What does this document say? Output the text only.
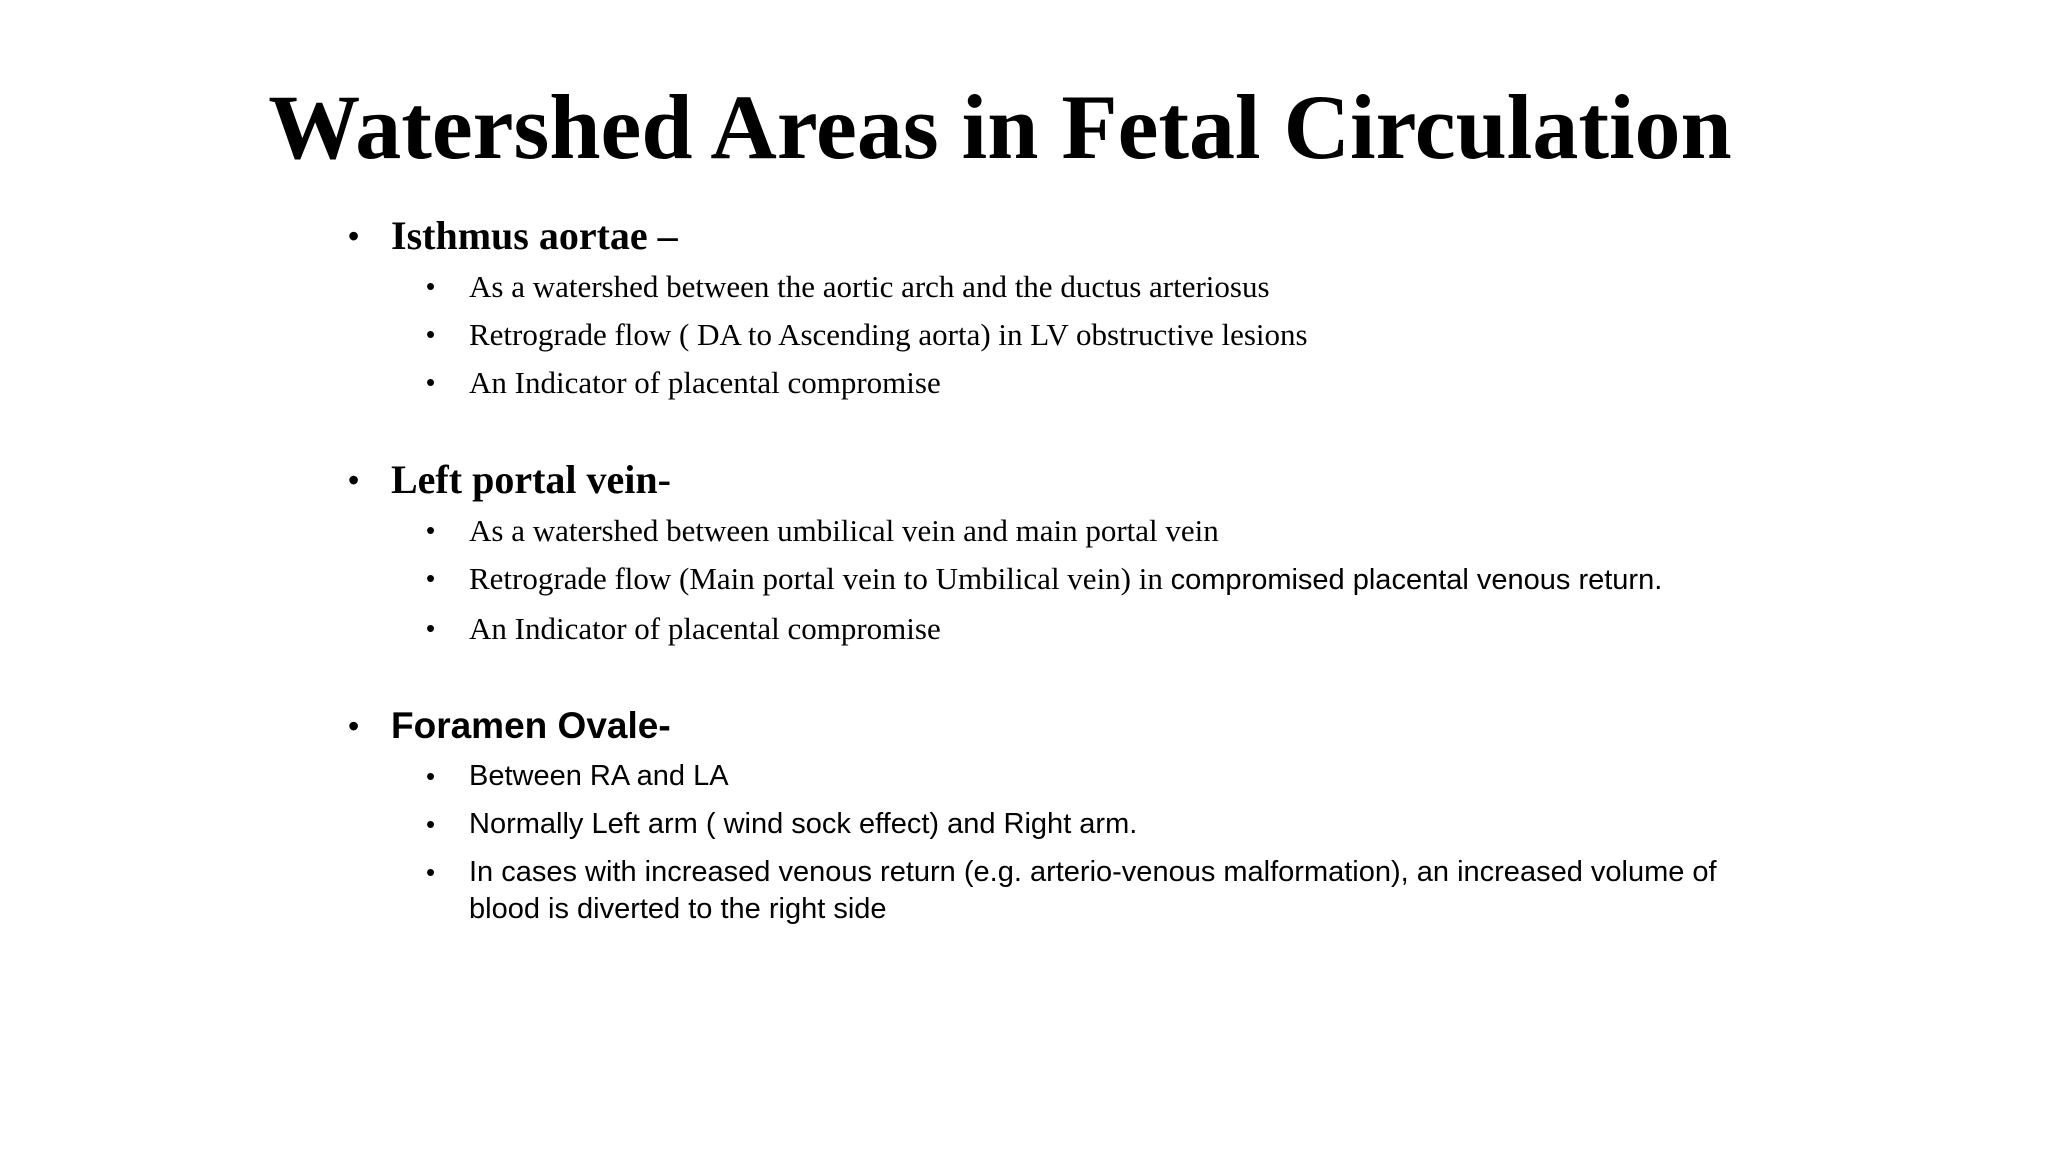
Watershed Areas in Fetal Circulation
• Isthmus aortae –
• As a watershed between the aortic arch and the ductus arteriosus
• Retrograde flow ( DA to Ascending aorta) in LV obstructive lesions
• An Indicator of placental compromise
• Left portal vein-
• As a watershed between umbilical vein and main portal vein
• Retrograde flow (Main portal vein to Umbilical vein) in compromised placental venous return.
• An Indicator of placental compromise
• Foramen Ovale-
• Between RA and LA
• Normally Left arm ( wind sock effect) and Right arm.
• In cases with increased venous return (e.g. arterio-venous malformation), an increased volume of blood is diverted to the right side
